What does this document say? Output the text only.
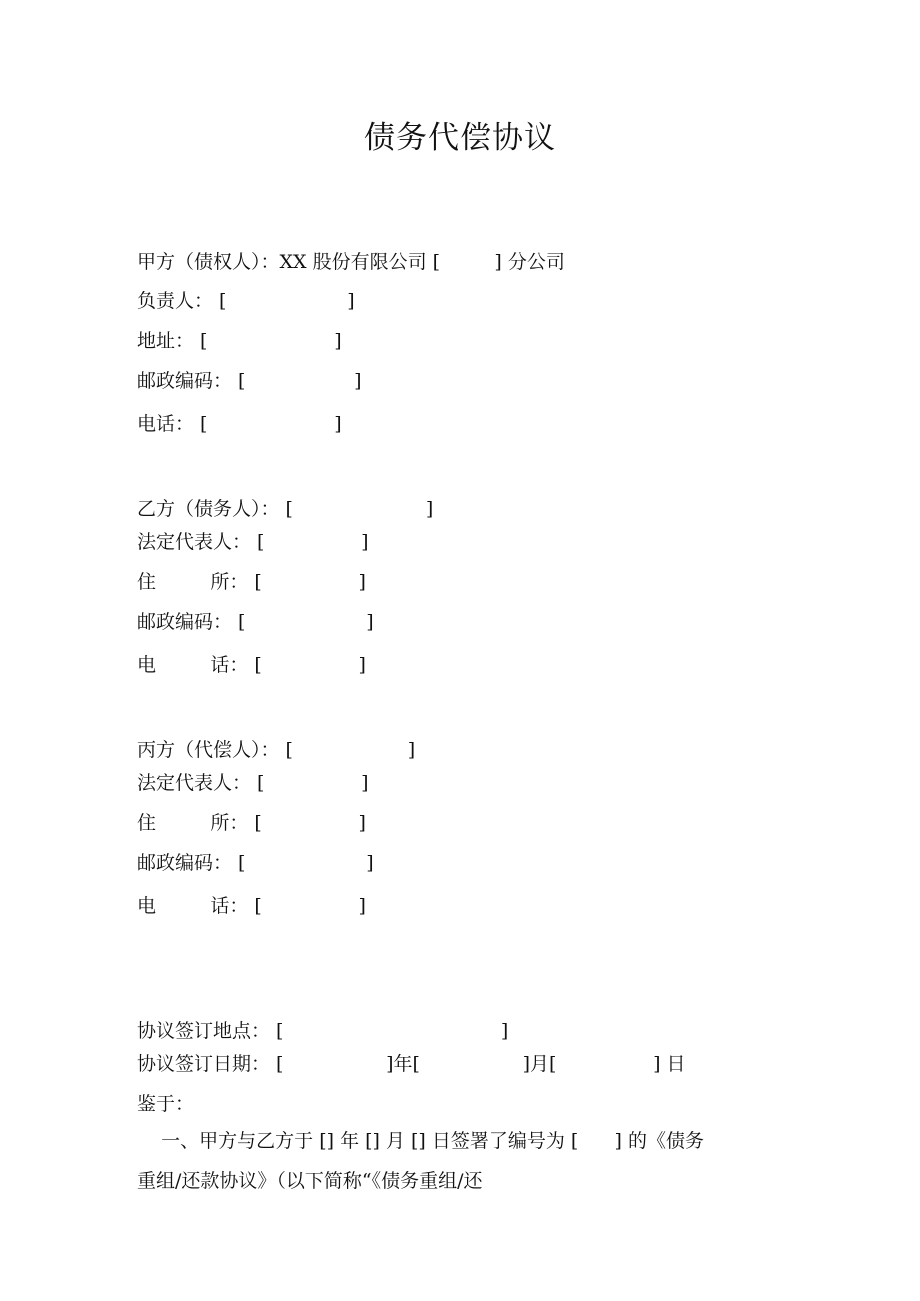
债务代偿协议
甲方（债权人）：XX 股份有限公司 [         ] 分公司
负责人： [                    ]
地址： [                     ]
邮政编码： [                  ]
电话： [                     ]
乙方（债务人）： [                      ]
法定代表人： [                ]
住         所： [                ]
邮政编码： [                    ]
电         话： [                ]
丙方（代偿人）： [                   ]
法定代表人： [                ]
住         所： [                ]
邮政编码： [                    ]
电         话： [                ]
协议签订地点： [                                    ]
协议签订日期： [                 ]年[                 ]月[                ] 日
鉴于：
一、甲方与乙方于 [] 年 [] 月 [] 日签署了编号为 [      ] 的《债务
重组/还款协议》（以下简称“《债务重组/还
